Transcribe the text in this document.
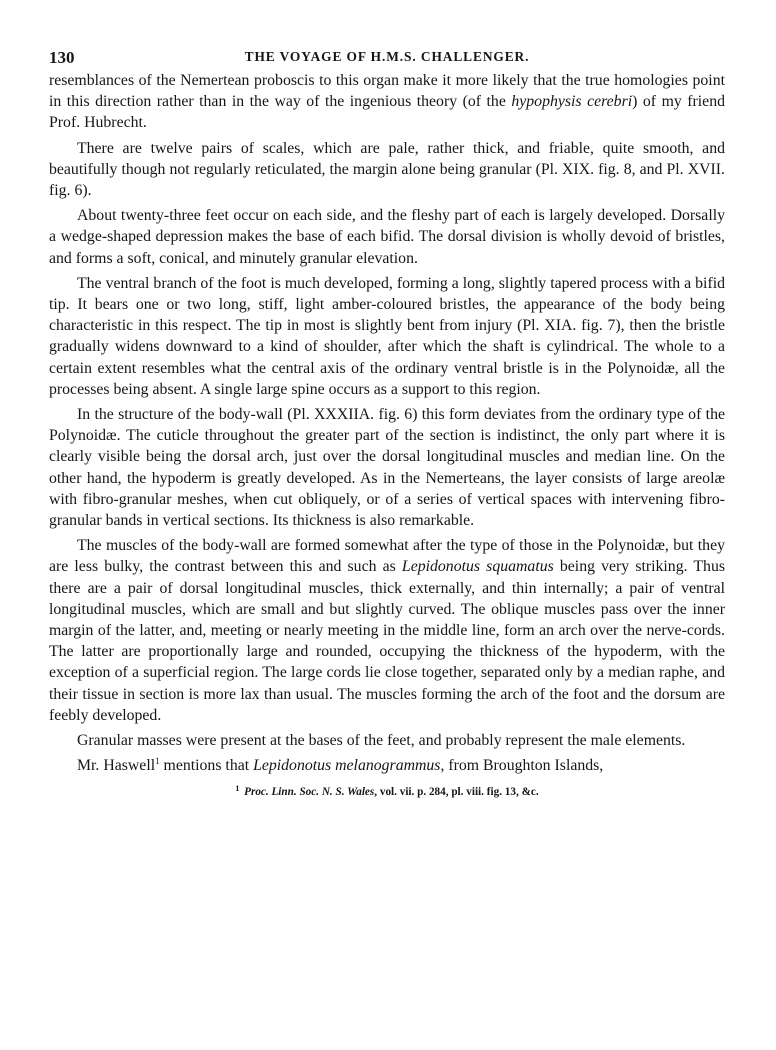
130	THE VOYAGE OF H.M.S. CHALLENGER.

resemblances of the Nemertean proboscis to this organ make it more likely that the true homologies point in this direction rather than in the way of the ingenious theory (of the hypophysis cerebri) of my friend Prof. Hubrecht.

There are twelve pairs of scales, which are pale, rather thick, and friable, quite smooth, and beautifully though not regularly reticulated, the margin alone being granular (Pl. XIX. fig. 8, and Pl. XVII. fig. 6).

About twenty-three feet occur on each side, and the fleshy part of each is largely developed. Dorsally a wedge-shaped depression makes the base of each bifid. The dorsal division is wholly devoid of bristles, and forms a soft, conical, and minutely granular elevation.

The ventral branch of the foot is much developed, forming a long, slightly tapered process with a bifid tip. It bears one or two long, stiff, light amber-coloured bristles, the appearance of the body being characteristic in this respect. The tip in most is slightly bent from injury (Pl. XIA. fig. 7), then the bristle gradually widens downward to a kind of shoulder, after which the shaft is cylindrical. The whole to a certain extent resembles what the central axis of the ordinary ventral bristle is in the Polynoidæ, all the processes being absent. A single large spine occurs as a support to this region.

In the structure of the body-wall (Pl. XXXIIA. fig. 6) this form deviates from the ordinary type of the Polynoidæ. The cuticle throughout the greater part of the section is indistinct, the only part where it is clearly visible being the dorsal arch, just over the dorsal longitudinal muscles and median line. On the other hand, the hypoderm is greatly developed. As in the Nemerteans, the layer consists of large areolæ with fibro-granular meshes, when cut obliquely, or of a series of vertical spaces with intervening fibro-granular bands in vertical sections. Its thickness is also remarkable.

The muscles of the body-wall are formed somewhat after the type of those in the Polynoidæ, but they are less bulky, the contrast between this and such as Lepidonotus squamatus being very striking. Thus there are a pair of dorsal longitudinal muscles, thick externally, and thin internally; a pair of ventral longitudinal muscles, which are small and but slightly curved. The oblique muscles pass over the inner margin of the latter, and, meeting or nearly meeting in the middle line, form an arch over the nerve-cords. The latter are proportionally large and rounded, occupying the thickness of the hypoderm, with the exception of a superficial region. The large cords lie close together, separated only by a median raphe, and their tissue in section is more lax than usual. The muscles forming the arch of the foot and the dorsum are feebly developed.

Granular masses were present at the bases of the feet, and probably represent the male elements.

Mr. Haswell$^1$ mentions that Lepidonotus melanogrammus, from Broughton Islands,

$^1$ Proc. Linn. Soc. N. S. Wales, vol. vii. p. 284, pl. viii. fig. 13, &c.
